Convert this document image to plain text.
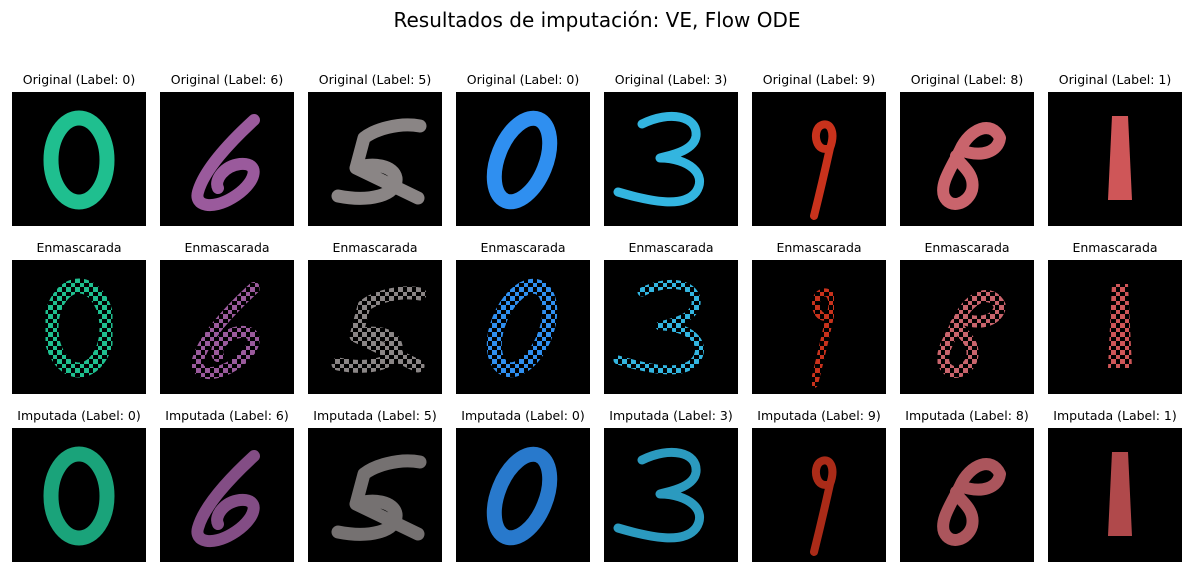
Resultados de imputación: VE, Flow ODE
Original (Label: 0)	Original (Label: 6)	Original (Label: 5)	Original (Label: 0)	Original (Label: 3)	Original (Label: 9)	Original (Label: 8)	Original (Label: 1)
Enmascarada	Enmascarada	Enmascarada	Enmascarada	Enmascarada	Enmascarada	Enmascarada	Enmascarada
Imputada (Label: 0)	Imputada (Label: 6)	Imputada (Label: 5)	Imputada (Label: 0)	Imputada (Label: 3)	Imputada (Label: 9)	Imputada (Label: 8)	Imputada (Label: 1)
